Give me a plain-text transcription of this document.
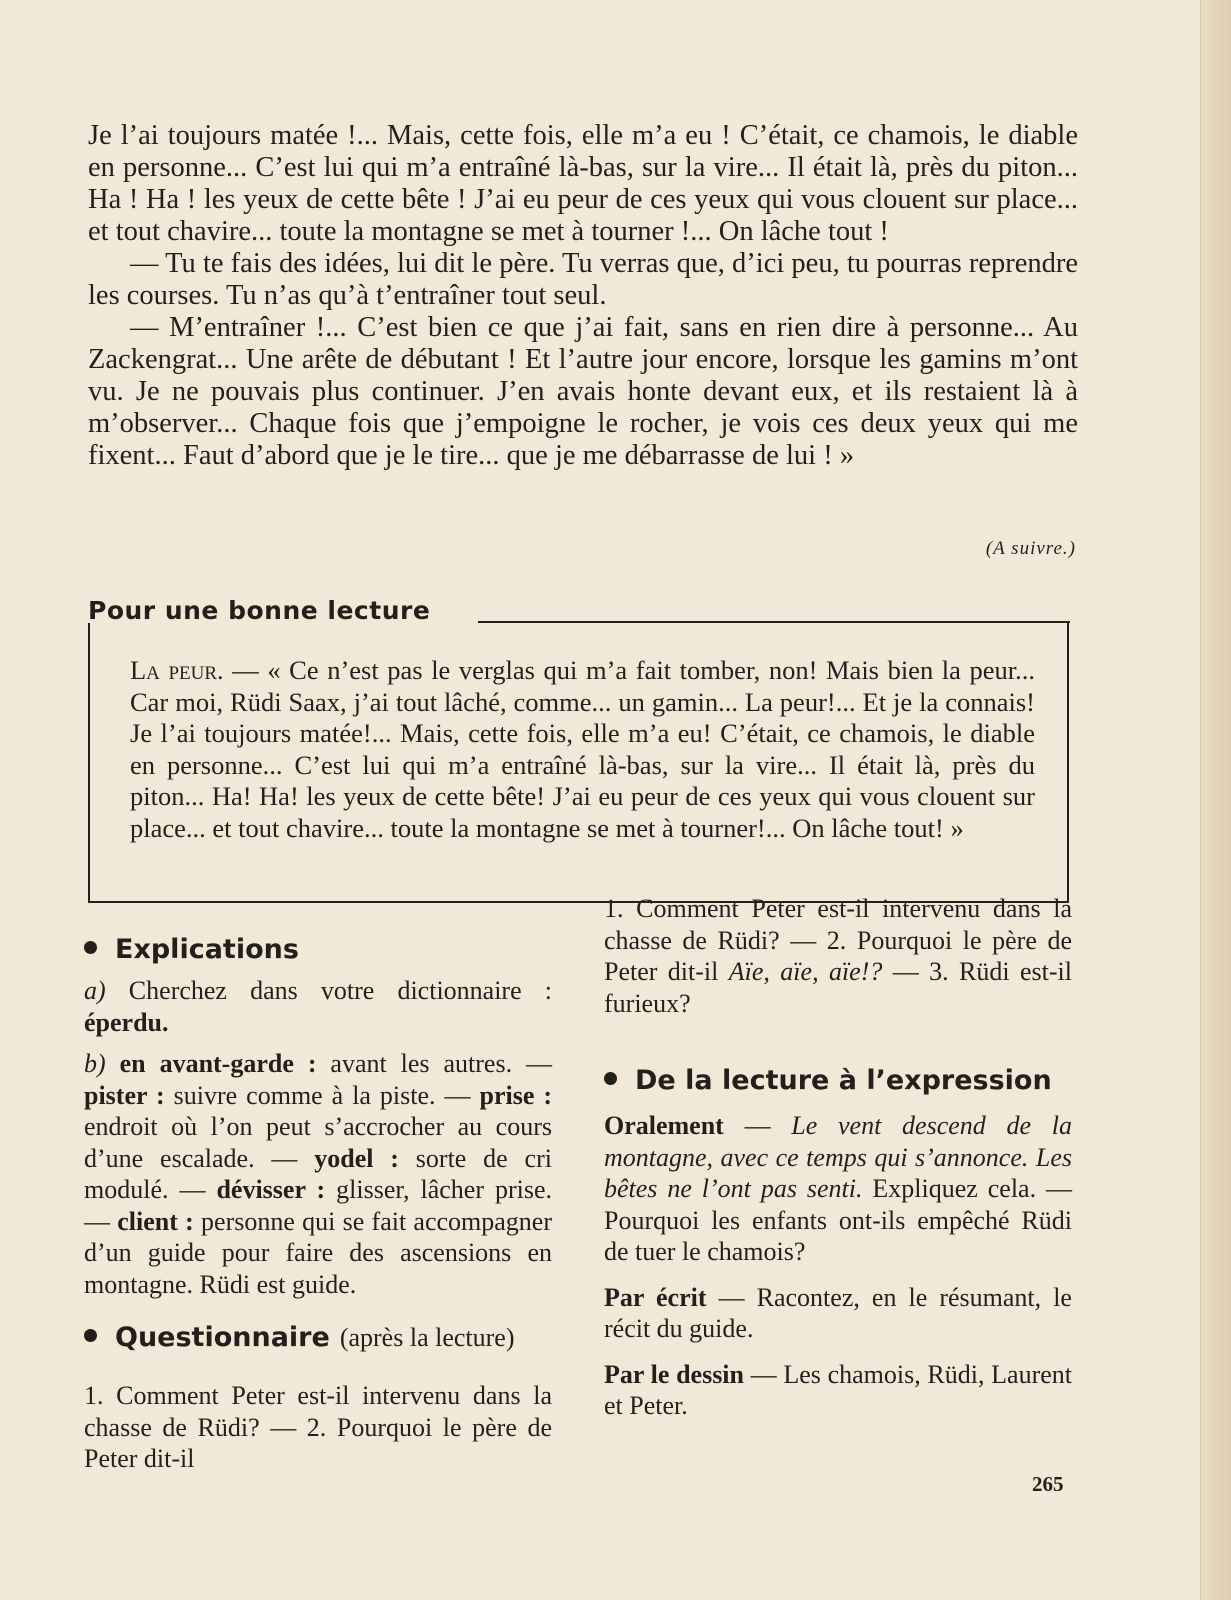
Je l’ai toujours matée !... Mais, cette fois, elle m’a eu ! C’était, ce chamois, le diable en personne... C’est lui qui m’a entraîné là-bas, sur la vire... Il était là, près du piton... Ha ! Ha ! les yeux de cette bête ! J’ai eu peur de ces yeux qui vous clouent sur place... et tout chavire... toute la montagne se met à tourner !... On lâche tout !

— Tu te fais des idées, lui dit le père. Tu verras que, d’ici peu, tu pourras reprendre les courses. Tu n’as qu’à t’entraîner tout seul.

— M’entraîner !... C’est bien ce que j’ai fait, sans en rien dire à personne... Au Zackengrat... Une arête de débutant ! Et l’autre jour encore, lorsque les gamins m’ont vu. Je ne pouvais plus continuer. J’en avais honte devant eux, et ils restaient là à m’observer... Chaque fois que j’empoigne le rocher, je vois ces deux yeux qui me fixent... Faut d’abord que je le tire... que je me débarrasse de lui ! »

(A suivre.)
Pour une bonne lecture

La peur. — « Ce n’est pas le verglas qui m’a fait tomber, non! Mais bien la peur... Car moi, Rüdi Saax, j’ai tout lâché, comme... un gamin... La peur!... Et je la connais! Je l’ai toujours matée!... Mais, cette fois, elle m’a eu! C’était, ce chamois, le diable en personne... C’est lui qui m’a entraîné là-bas, sur la vire... Il était là, près du piton... Ha! Ha! les yeux de cette bête! J’ai eu peur de ces yeux qui vous clouent sur place... et tout chavire... toute la montagne se met à tourner!... On lâche tout! »

Explications

a) Cherchez dans votre dictionnaire : éperdu.

b) en avant-garde : avant les autres. — pister : suivre comme à la piste. — prise : endroit où l’on peut s’accrocher au cours d’une escalade. — yodel : sorte de cri modulé. — dévisser : glisser, lâcher prise. — client : personne qui se fait accompagner d’un guide pour faire des ascensions en montagne. Rüdi est guide.

Questionnaire (après la lecture)

1. Comment Peter est-il intervenu dans la chasse de Rüdi? — 2. Pourquoi le père de Peter dit-il

1. Comment Peter est-il intervenu dans la chasse de Rüdi? — 2. Pourquoi le père de Peter dit-il Aïe, aïe, aïe!? — 3. Rüdi est-il furieux?

De la lecture à l’expression

Oralement — Le vent descend de la montagne, avec ce temps qui s’annonce. Les bêtes ne l’ont pas senti. Expliquez cela. — Pourquoi les enfants ont-ils empêché Rüdi de tuer le chamois?

Par écrit — Racontez, en le résumant, le récit du guide.

Par le dessin — Les chamois, Rüdi, Laurent et Peter.

265
